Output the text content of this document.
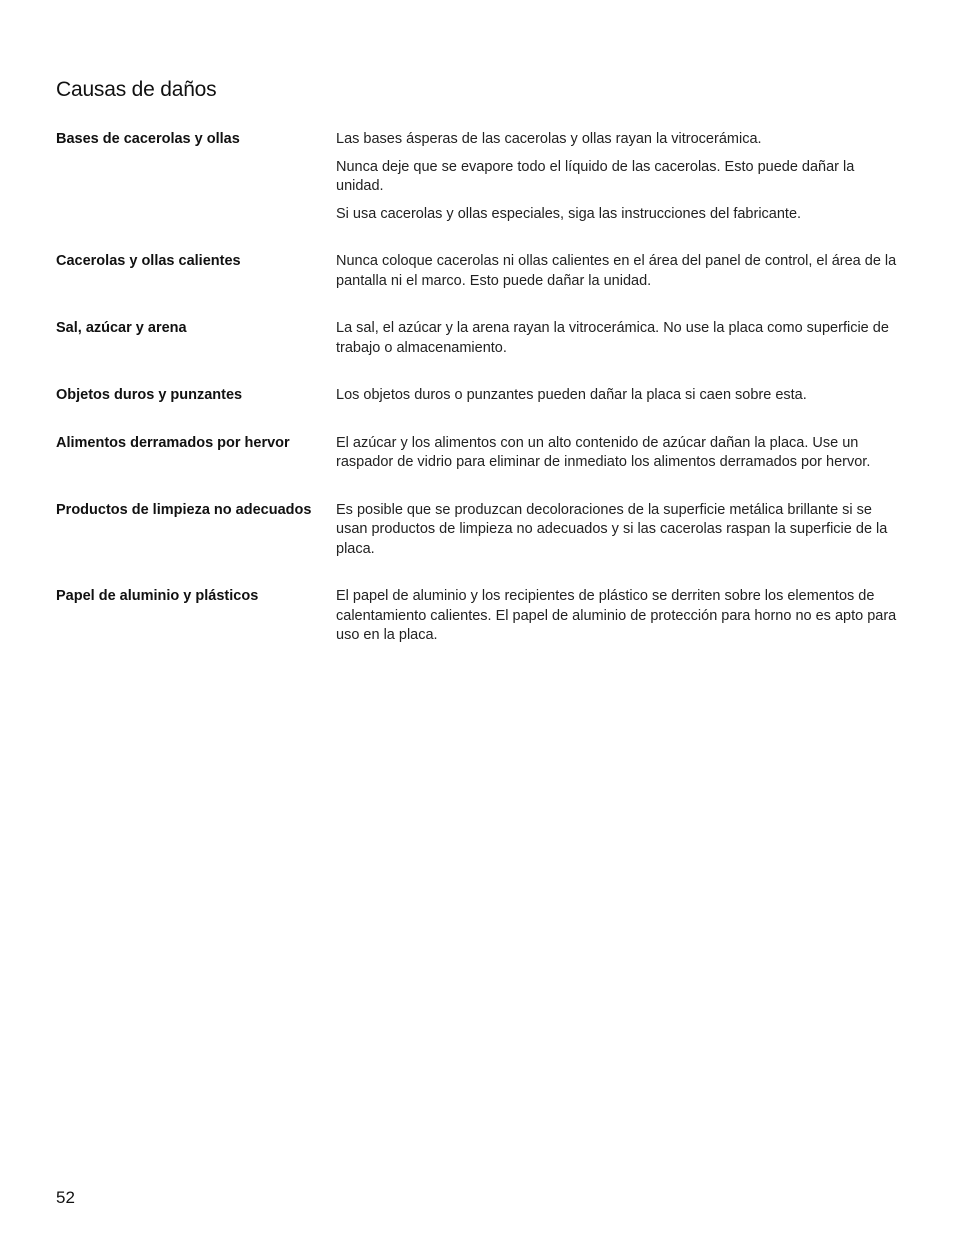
Causas de daños
Bases de cacerolas y ollas	Las bases ásperas de las cacerolas y ollas rayan la vitrocerámica.

Nunca deje que se evapore todo el líquido de las cacerolas. Esto puede dañar la unidad.

Si usa cacerolas y ollas especiales, siga las instrucciones del fabricante.

Cacerolas y ollas calientes	Nunca coloque cacerolas ni ollas calientes en el área del panel de control, el área de la pantalla ni el marco. Esto puede dañar la unidad.

Sal, azúcar y arena	La sal, el azúcar y la arena rayan la vitrocerámica. No use la placa como superficie de trabajo o almacenamiento.

Objetos duros y punzantes	Los objetos duros o punzantes pueden dañar la placa si caen sobre esta.

Alimentos derramados por hervor	El azúcar y los alimentos con un alto contenido de azúcar dañan la placa. Use un raspador de vidrio para eliminar de inmediato los alimentos derramados por hervor.

Productos de limpieza no adecuados	Es posible que se produzcan decoloraciones de la superficie metálica brillante si se usan productos de limpieza no adecuados y si las cacerolas raspan la superficie de la placa.

Papel de aluminio y plásticos	El papel de aluminio y los recipientes de plástico se derriten sobre los elementos de calentamiento calientes. El papel de aluminio de protección para horno no es apto para uso en la placa.

52
